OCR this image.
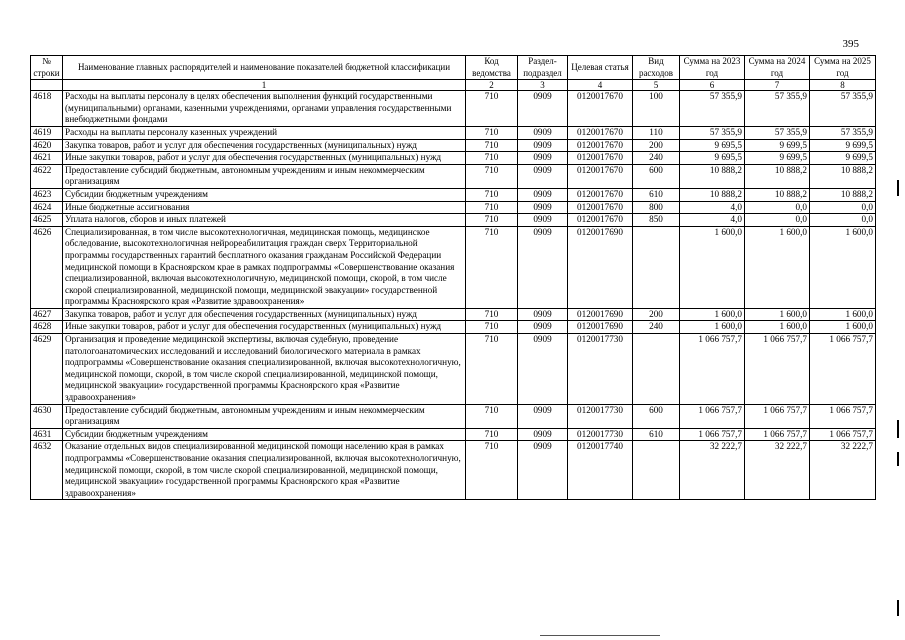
395
№ строки	Наименование главных распорядителей и наименование показателей бюджетной классификации	Код ведомства	Раздел-подраздел	Целевая статья	Вид расходов	Сумма на 2023 год	Сумма на 2024 год	Сумма на 2025 год
	1	2	3	4	5	6	7	8
4618	Расходы на выплаты персоналу в целях обеспечения выполнения функций государственными (муниципальными) органами, казенными учреждениями, органами управления государственными внебюджетными фондами	710	0909	0120017670	100	57 355,9	57 355,9	57 355,9
4619	Расходы на выплаты персоналу казенных учреждений	710	0909	0120017670	110	57 355,9	57 355,9	57 355,9
4620	Закупка товаров, работ и услуг для обеспечения государственных (муниципальных) нужд	710	0909	0120017670	200	9 695,5	9 699,5	9 699,5
4621	Иные закупки товаров, работ и услуг для обеспечения государственных (муниципальных) нужд	710	0909	0120017670	240	9 695,5	9 699,5	9 699,5
4622	Предоставление субсидий бюджетным, автономным учреждениям и иным некоммерческим организациям	710	0909	0120017670	600	10 888,2	10 888,2	10 888,2
4623	Субсидии бюджетным учреждениям	710	0909	0120017670	610	10 888,2	10 888,2	10 888,2
4624	Иные бюджетные ассигнования	710	0909	0120017670	800	4,0	0,0	0,0
4625	Уплата налогов, сборов и иных платежей	710	0909	0120017670	850	4,0	0,0	0,0
4626	Специализированная, в том числе высокотехнологичная, медицинская помощь, медицинское обследование, высокотехнологичная нейрореабилитация граждан сверх Территориальной программы государственных гарантий бесплатного оказания гражданам Российской Федерации медицинской помощи в Красноярском крае в рамках подпрограммы «Совершенствование оказания специализированной, включая высокотехнологичную, медицинской помощи, скорой, в том числе скорой специализированной, медицинской помощи, медицинской эвакуации» государственной программы Красноярского края «Развитие здравоохранения»	710	0909	0120017690		1 600,0	1 600,0	1 600,0
4627	Закупка товаров, работ и услуг для обеспечения государственных (муниципальных) нужд	710	0909	0120017690	200	1 600,0	1 600,0	1 600,0
4628	Иные закупки товаров, работ и услуг для обеспечения государственных (муниципальных) нужд	710	0909	0120017690	240	1 600,0	1 600,0	1 600,0
4629	Организация и проведение медицинской экспертизы, включая судебную, проведение патологоанатомических исследований и исследований биологического материала в рамках подпрограммы «Совершенствование оказания специализированной, включая высокотехнологичную, медицинской помощи, скорой, в том числе скорой специализированной, медицинской помощи, медицинской эвакуации» государственной программы Красноярского края «Развитие здравоохранения»	710	0909	0120017730		1 066 757,7	1 066 757,7	1 066 757,7
4630	Предоставление субсидий бюджетным, автономным учреждениям и иным некоммерческим организациям	710	0909	0120017730	600	1 066 757,7	1 066 757,7	1 066 757,7
4631	Субсидии бюджетным учреждениям	710	0909	0120017730	610	1 066 757,7	1 066 757,7	1 066 757,7
4632	Оказание отдельных видов специализированной медицинской помощи населению края в рамках подпрограммы «Совершенствование оказания специализированной, включая высокотехнологичную, медицинской помощи, скорой, в том числе скорой специализированной, медицинской помощи, медицинской эвакуации» государственной программы Красноярского края «Развитие здравоохранения»	710	0909	0120017740		32 222,7	32 222,7	32 222,7
